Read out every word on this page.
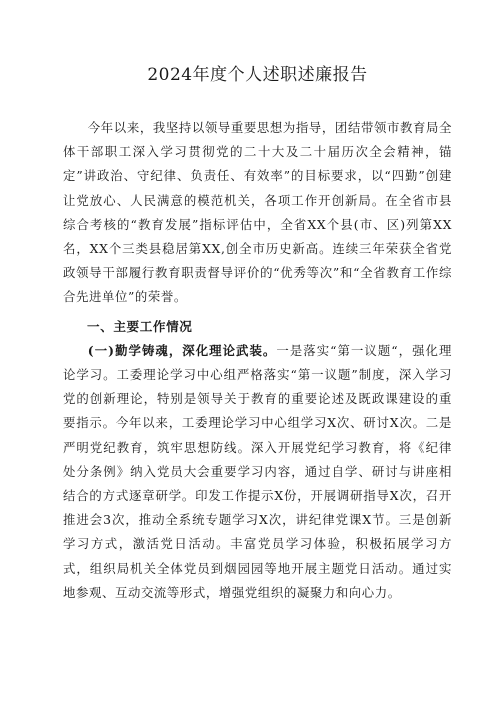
2024年度个人述职述廉报告

今年以来，我坚持以领导重要思想为指导，团结带领市教育局全体干部职工深入学习贯彻党的二十大及二十届历次全会精神，锚定”讲政治、守纪律、负责任、有效率”的目标要求，以“四勤”创建让党放心、人民满意的模范机关，各项工作开创新局。在全省市县综合考核的“教育发展”指标评估中，全省XX个县(市、区)列第XX名，XX个三类县稳居第XX,创全市历史新高。连续三年荣获全省党政领导干部履行教育职责督导评价的“优秀等次”和“全省教育工作综合先进单位”的荣誉。

一、主要工作情况

(一)勤学铸魂，深化理论武装。一是落实“第一议题“，强化理论学习。工委理论学习中心组严格落实“第一议题”制度，深入学习党的创新理论，特别是领导关于教育的重要论述及既政课建设的重要指示。今年以来，工委理论学习中心组学习X次、研讨X次。二是严明党纪教育，筑牢思想防线。深入开展党纪学习教育，将《纪律处分条例》纳入党员大会重要学习内容，通过自学、研讨与讲座相结合的方式逐章研学。印发工作提示X份，开展调研指导X次，召开推进会3次，推动全系统专题学习X次，讲纪律党课X节。三是创新学习方式，激活党日活动。丰富党员学习体验，积极拓展学习方式，组织局机关全体党员到烟园园等地开展主题党日活动。通过实地参观、互动交流等形式，增强党组织的凝聚力和向心力。
